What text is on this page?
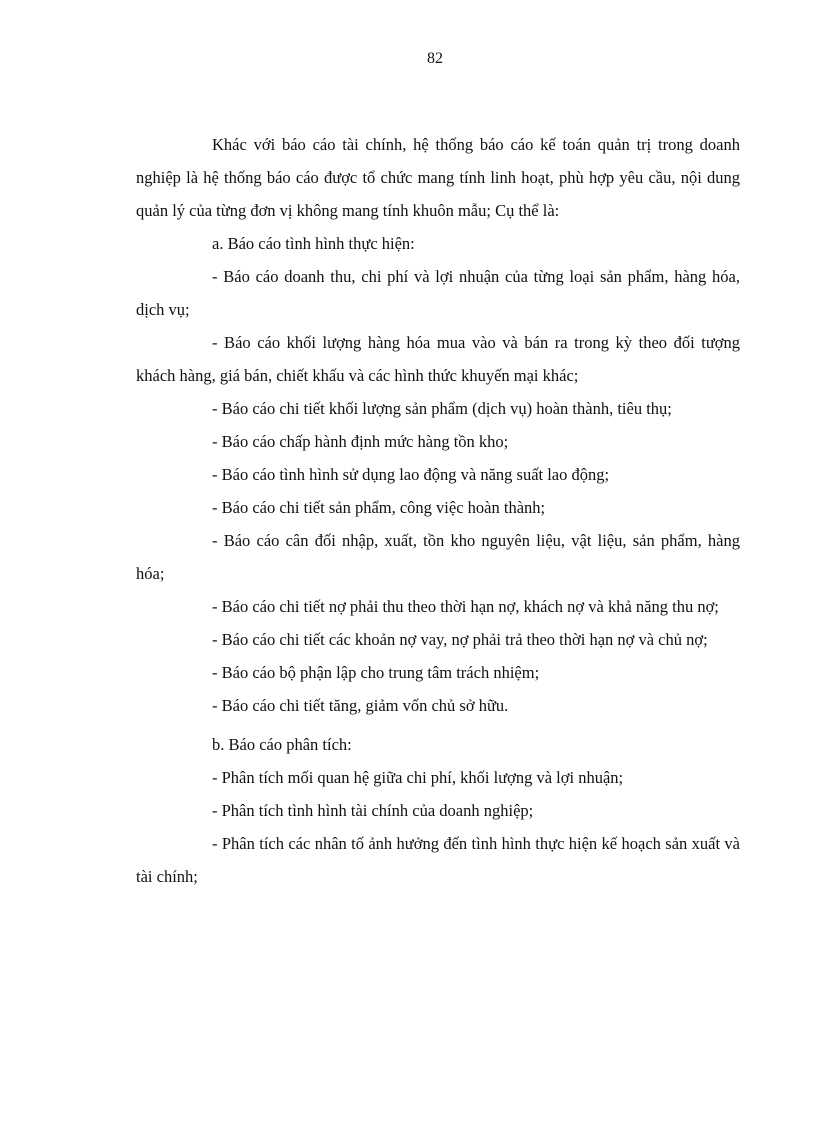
82

Khác với báo cáo tài chính, hệ thống báo cáo kế toán quản trị trong doanh nghiệp là hệ thống báo cáo được tổ chức mang tính linh hoạt, phù hợp yêu cầu, nội dung quản lý của từng đơn vị không mang tính khuôn mẫu; Cụ thể là:

a. Báo cáo tình hình thực hiện:

- Báo cáo doanh thu, chi phí và lợi nhuận của từng loại sản phẩm, hàng hóa, dịch vụ;

- Báo cáo khối lượng hàng hóa mua vào và bán ra trong kỳ theo đối tượng khách hàng, giá bán, chiết khấu và các hình thức khuyến mại khác;

- Báo cáo chi tiết khối lượng sản phẩm (dịch vụ) hoàn thành, tiêu thụ;

- Báo cáo chấp hành định mức hàng tồn kho;

- Báo cáo tình hình sử dụng lao động và năng suất lao động;

- Báo cáo chi tiết sản phẩm, công việc hoàn thành;

- Báo cáo cân đối nhập, xuất, tồn kho nguyên liệu, vật liệu, sản phẩm, hàng hóa;

- Báo cáo chi tiết nợ phải thu theo thời hạn nợ, khách nợ và khả năng thu nợ;

- Báo cáo chi tiết các khoản nợ vay, nợ phải trả theo thời hạn nợ và chủ nợ;

- Báo cáo bộ phận lập cho trung tâm trách nhiệm;

- Báo cáo chi tiết tăng, giảm vốn chủ sở hữu.

b. Báo cáo phân tích:

- Phân tích mối quan hệ giữa chi phí, khối lượng và lợi nhuận;

- Phân tích tình hình tài chính của doanh nghiệp;

- Phân tích các nhân tố ảnh hưởng đến tình hình thực hiện kế hoạch sản xuất và tài chính;
